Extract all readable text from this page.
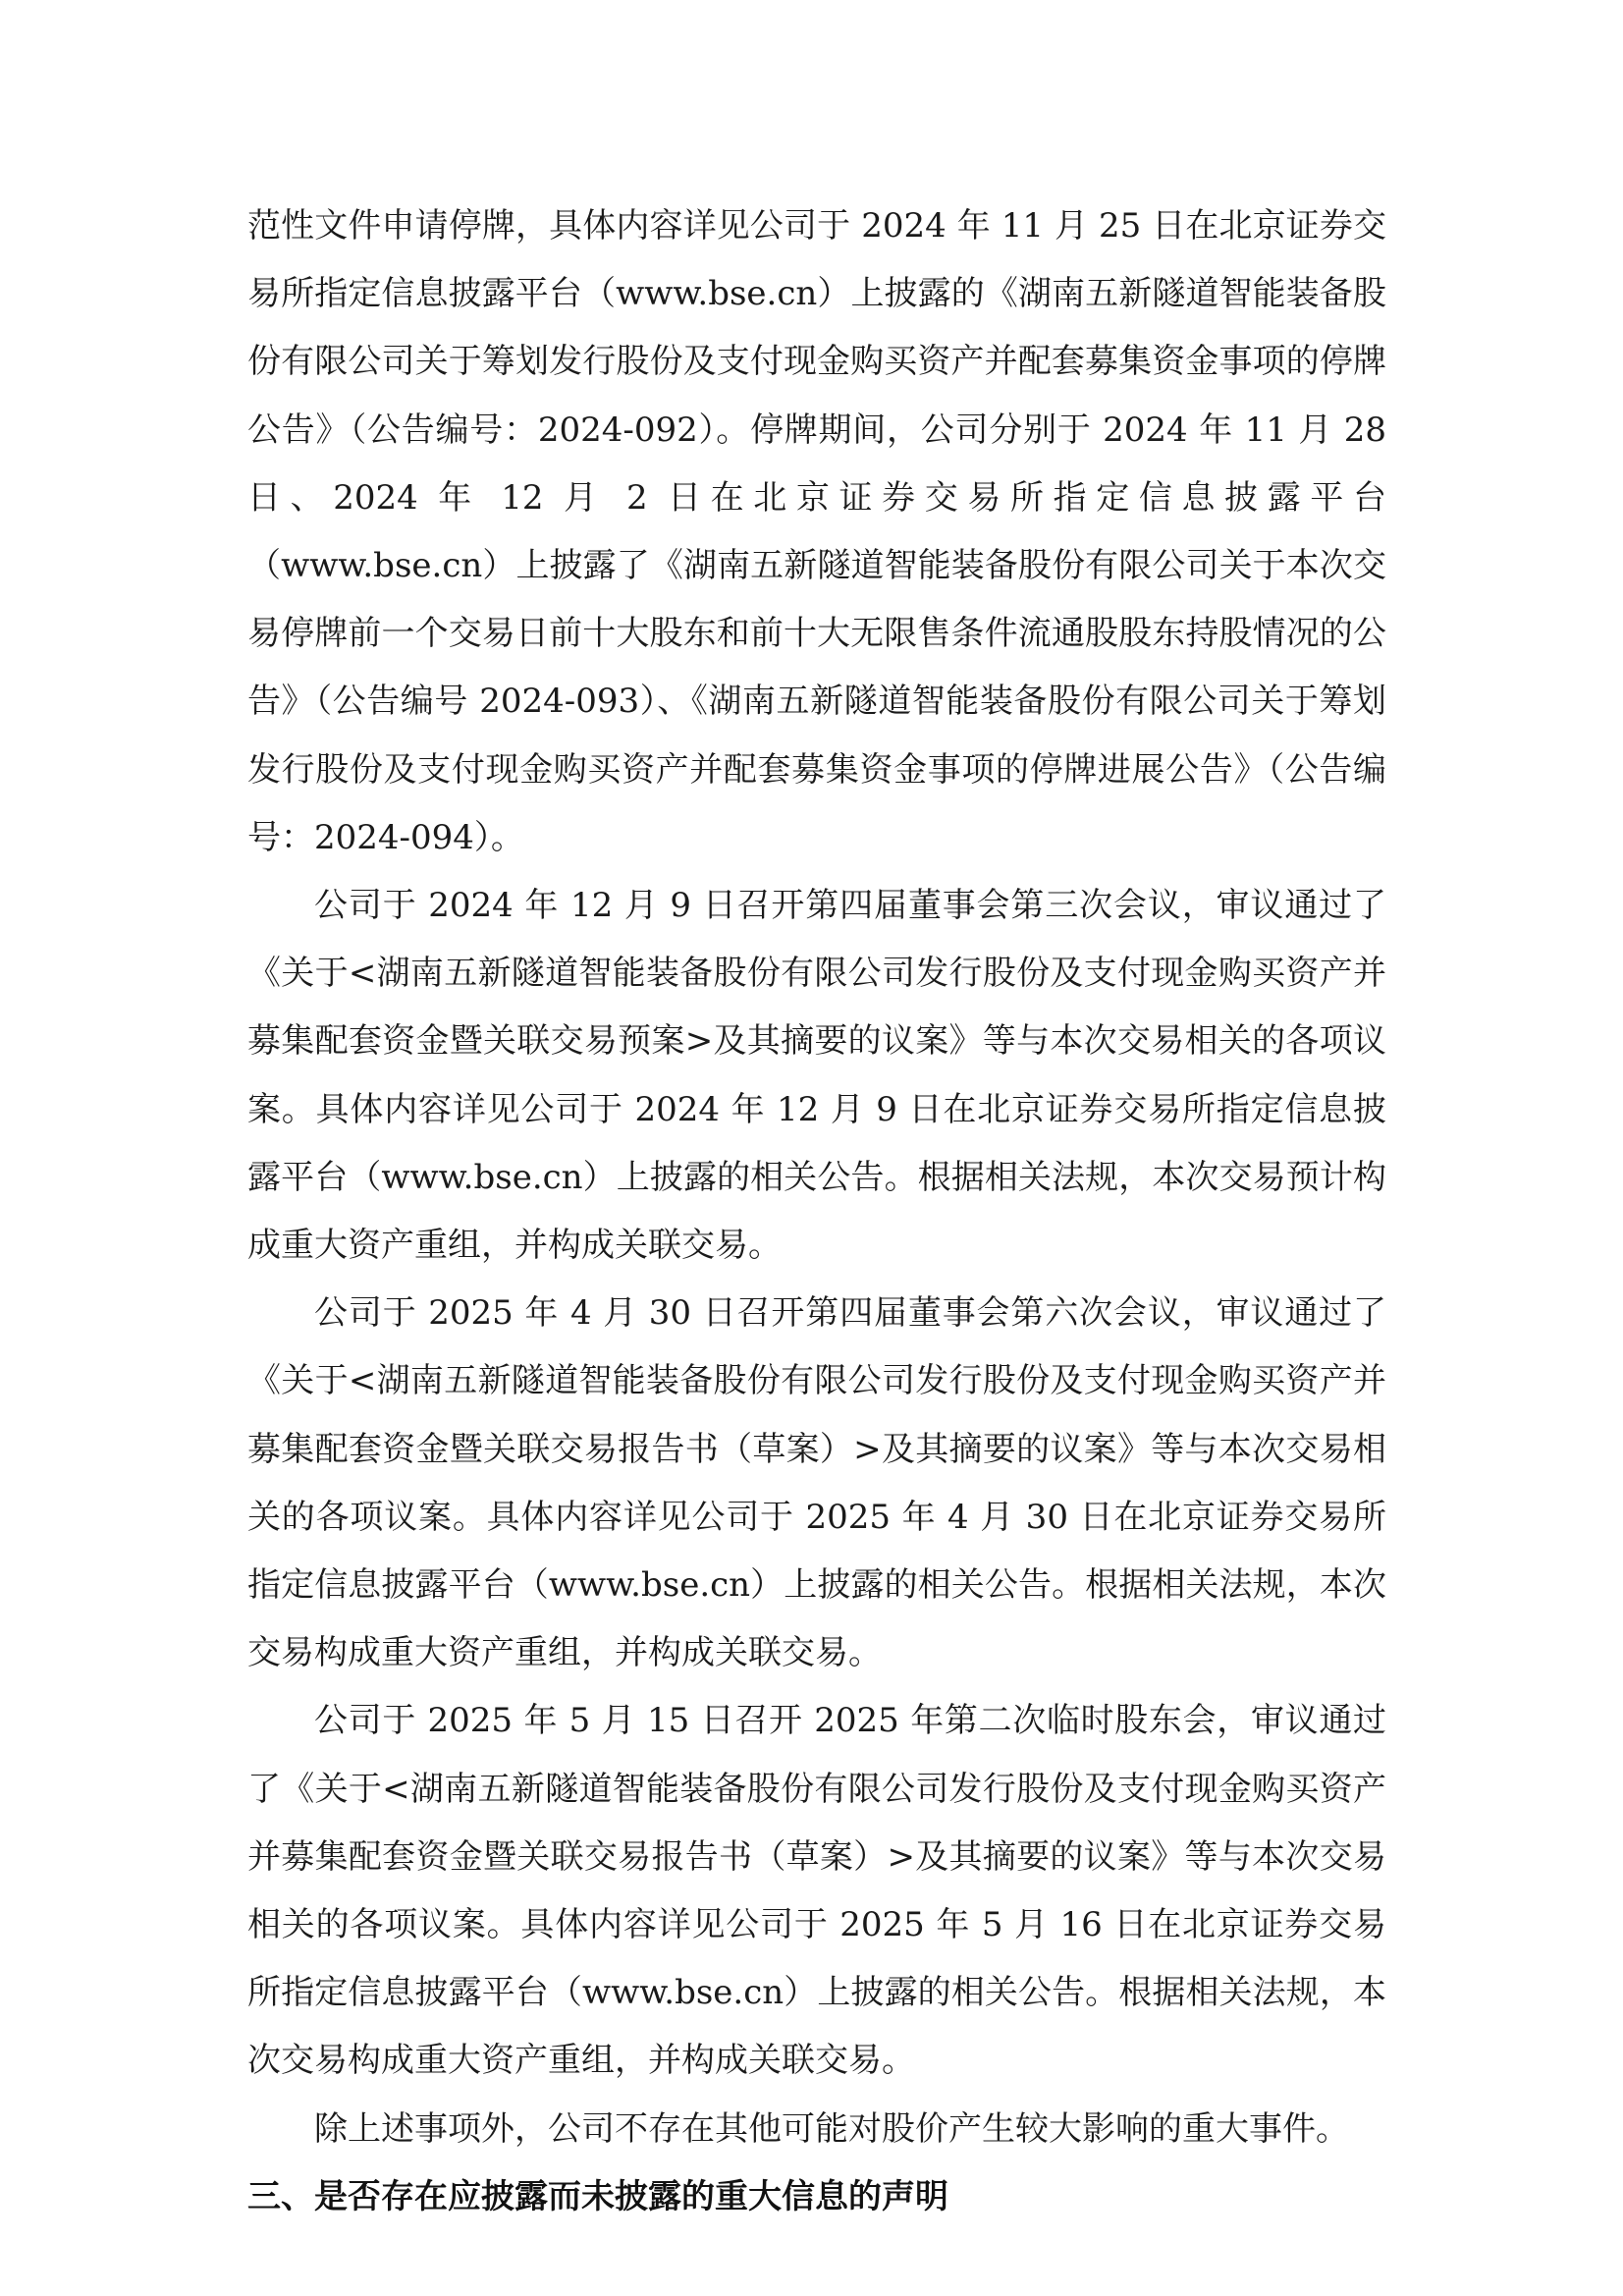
范性文件申请停牌，具体内容详见公司于 2024 年 11 月 25 日在北京证券交易所指定信息披露平台（www.bse.cn）上披露的《湖南五新隧道智能装备股份有限公司关于筹划发行股份及支付现金购买资产并配套募集资金事项的停牌公告》（公告编号：2024-092）。停牌期间，公司分别于 2024 年 11 月 28 日、2024 年 12 月 2 日在北京证券交易所指定信息披露平台（www.bse.cn）上披露了《湖南五新隧道智能装备股份有限公司关于本次交易停牌前一个交易日前十大股东和前十大无限售条件流通股股东持股情况的公告》（公告编号 2024-093）、《湖南五新隧道智能装备股份有限公司关于筹划发行股份及支付现金购买资产并配套募集资金事项的停牌进展公告》（公告编号：2024-094）。

公司于 2024 年 12 月 9 日召开第四届董事会第三次会议，审议通过了《关于<湖南五新隧道智能装备股份有限公司发行股份及支付现金购买资产并募集配套资金暨关联交易预案>及其摘要的议案》等与本次交易相关的各项议案。具体内容详见公司于 2024 年 12 月 9 日在北京证券交易所指定信息披露平台（www.bse.cn）上披露的相关公告。根据相关法规，本次交易预计构成重大资产重组，并构成关联交易。

公司于 2025 年 4 月 30 日召开第四届董事会第六次会议，审议通过了《关于<湖南五新隧道智能装备股份有限公司发行股份及支付现金购买资产并募集配套资金暨关联交易报告书（草案）>及其摘要的议案》等与本次交易相关的各项议案。具体内容详见公司于 2025 年 4 月 30 日在北京证券交易所指定信息披露平台（www.bse.cn）上披露的相关公告。根据相关法规，本次交易构成重大资产重组，并构成关联交易。

公司于 2025 年 5 月 15 日召开 2025 年第二次临时股东会，审议通过了《关于<湖南五新隧道智能装备股份有限公司发行股份及支付现金购买资产并募集配套资金暨关联交易报告书（草案）>及其摘要的议案》等与本次交易相关的各项议案。具体内容详见公司于 2025 年 5 月 16 日在北京证券交易所指定信息披露平台（www.bse.cn）上披露的相关公告。根据相关法规，本次交易构成重大资产重组，并构成关联交易。

除上述事项外，公司不存在其他可能对股价产生较大影响的重大事件。

三、是否存在应披露而未披露的重大信息的声明
